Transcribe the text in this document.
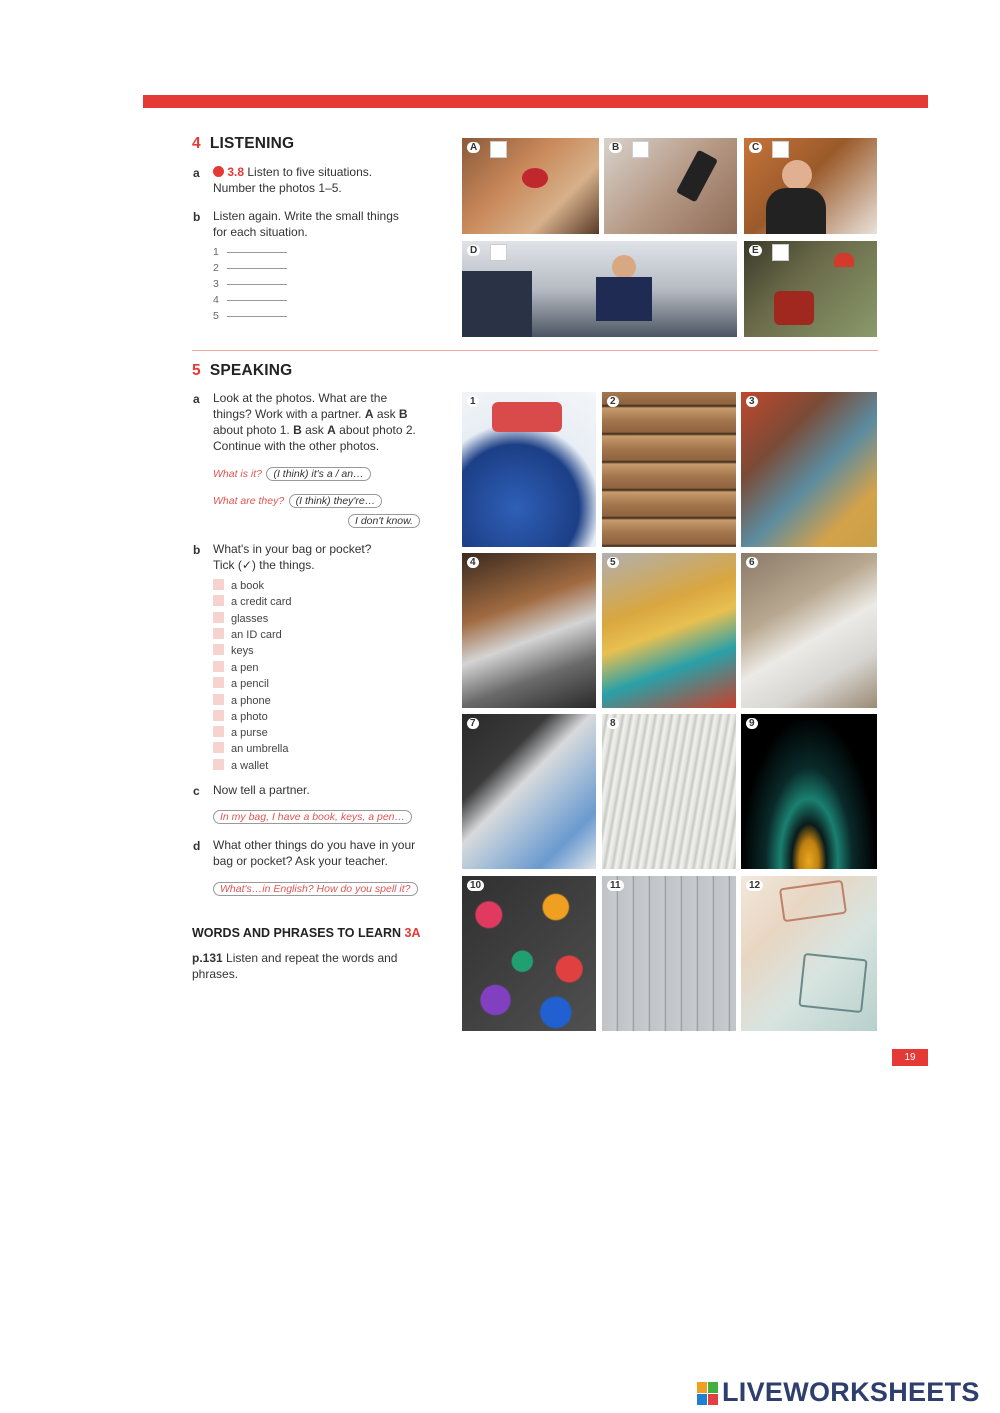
4 LISTENING
a	3.8 Listen to five situations.
Number the photos 1–5.
b Listen again. Write the small things
for each situation.
1
2
3
4
5
A	B	C
D	E
5 SPEAKING
a Look at the photos. What are the
things? Work with a partner. A ask B
about photo 1. B ask A about photo 2.
Continue with the other photos.
What is it? (I think) it's a / an…
What are they? (I think) they're…
I don't know.
b What's in your bag or pocket?
Tick (✓) the things.
a book
a credit card
glasses
an ID card
keys
a pen
a pencil
a phone
a photo
a purse
an umbrella
a wallet
c Now tell a partner.
In my bag, I have a book, keys, a pen…
d What other things do you have in your
bag or pocket? Ask your teacher.
What's…in English? How do you spell it?
WORDS AND PHRASES TO LEARN 3A
p.131 Listen and repeat the words and
phrases.
1	2	3
4	5	6
7	8	9
10	11	12
19
LIVEWORKSHEETS
